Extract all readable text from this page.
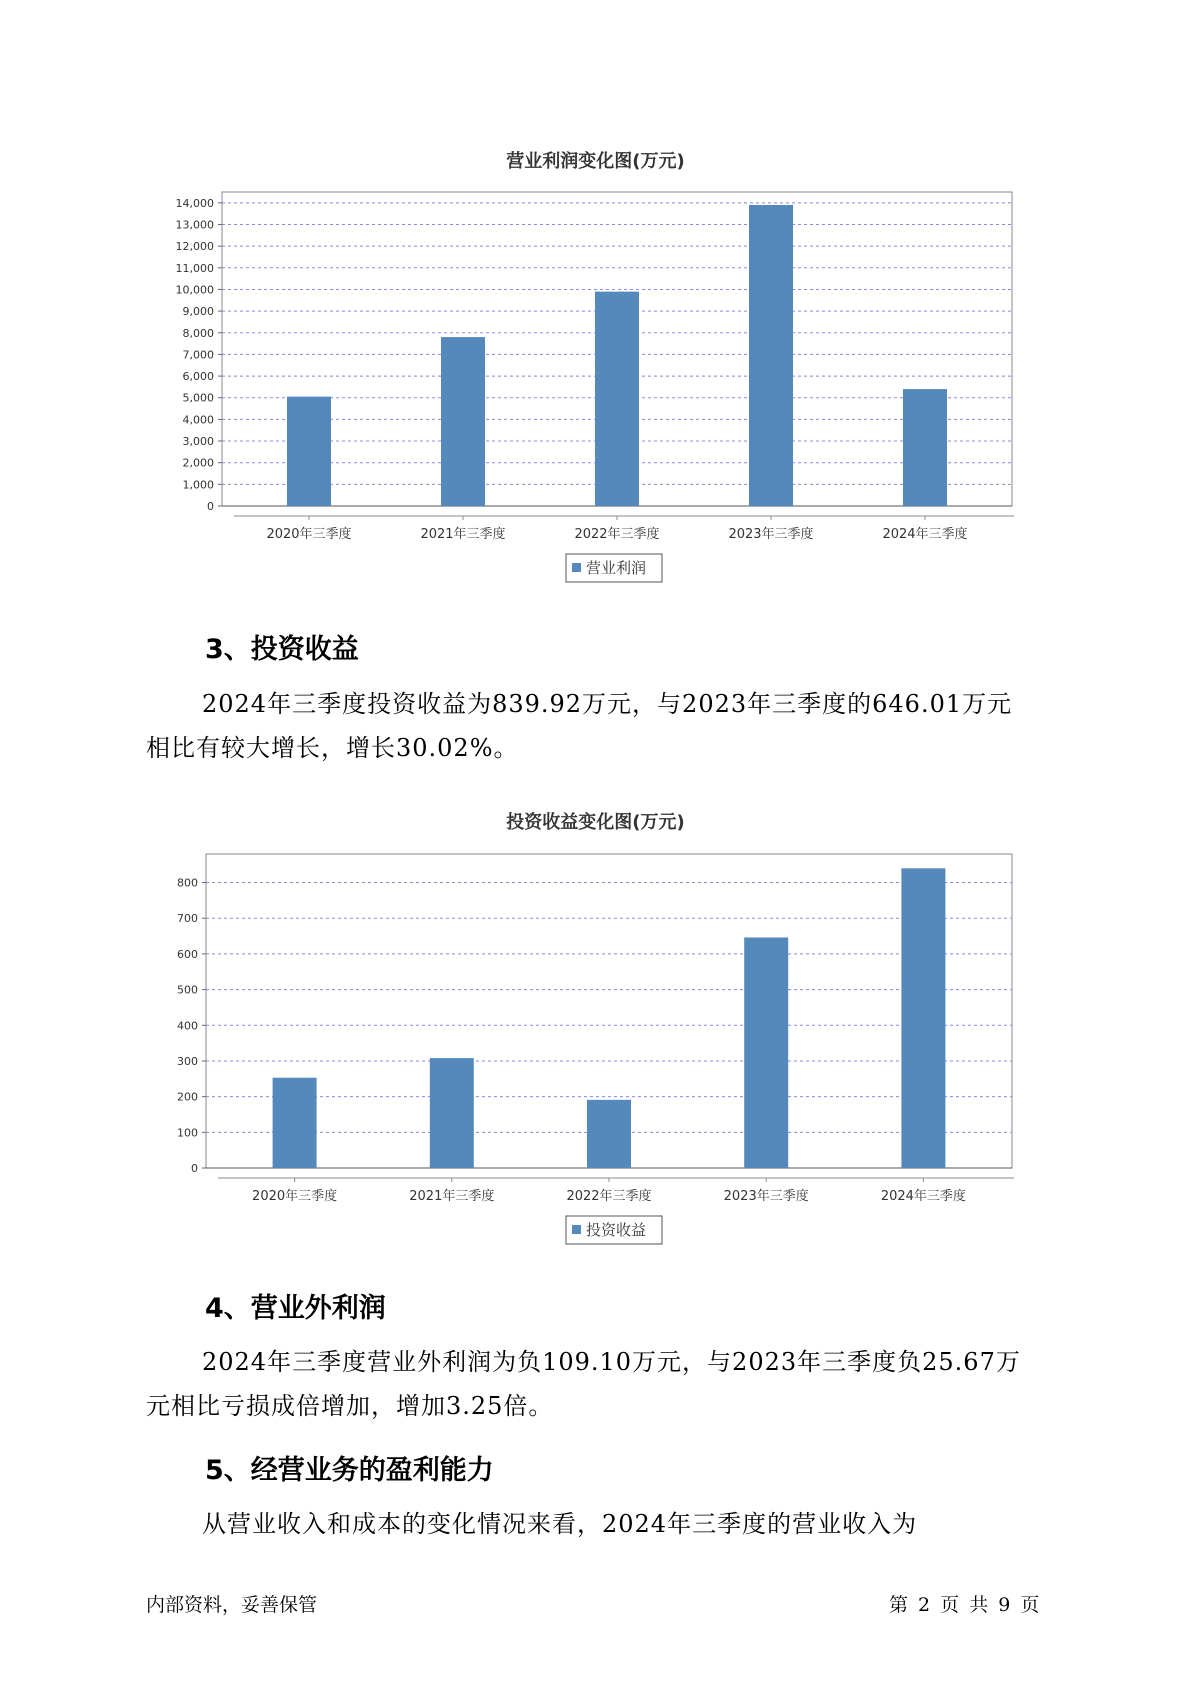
营业利润变化图(万元)
0
1,000
2,000
3,000
4,000
5,000
6,000
7,000
8,000
9,000
10,000
11,000
12,000
13,000
14,000
2020年三季度	2021年三季度	2022年三季度	2023年三季度	2024年三季度
营业利润
3、投资收益
2024年三季度投资收益为839.92万元，与2023年三季度的646.01万元
相比有较大增长，增长30.02%。
投资收益变化图(万元)
0
100
200
300
400
500
600
700
800
2020年三季度	2021年三季度	2022年三季度	2023年三季度	2024年三季度
投资收益
4、营业外利润
2024年三季度营业外利润为负109.10万元，与2023年三季度负25.67万
元相比亏损成倍增加，增加3.25倍。
5、经营业务的盈利能力
从营业收入和成本的变化情况来看，2024年三季度的营业收入为
内部资料，妥善保管	第 2 页 共 9 页
